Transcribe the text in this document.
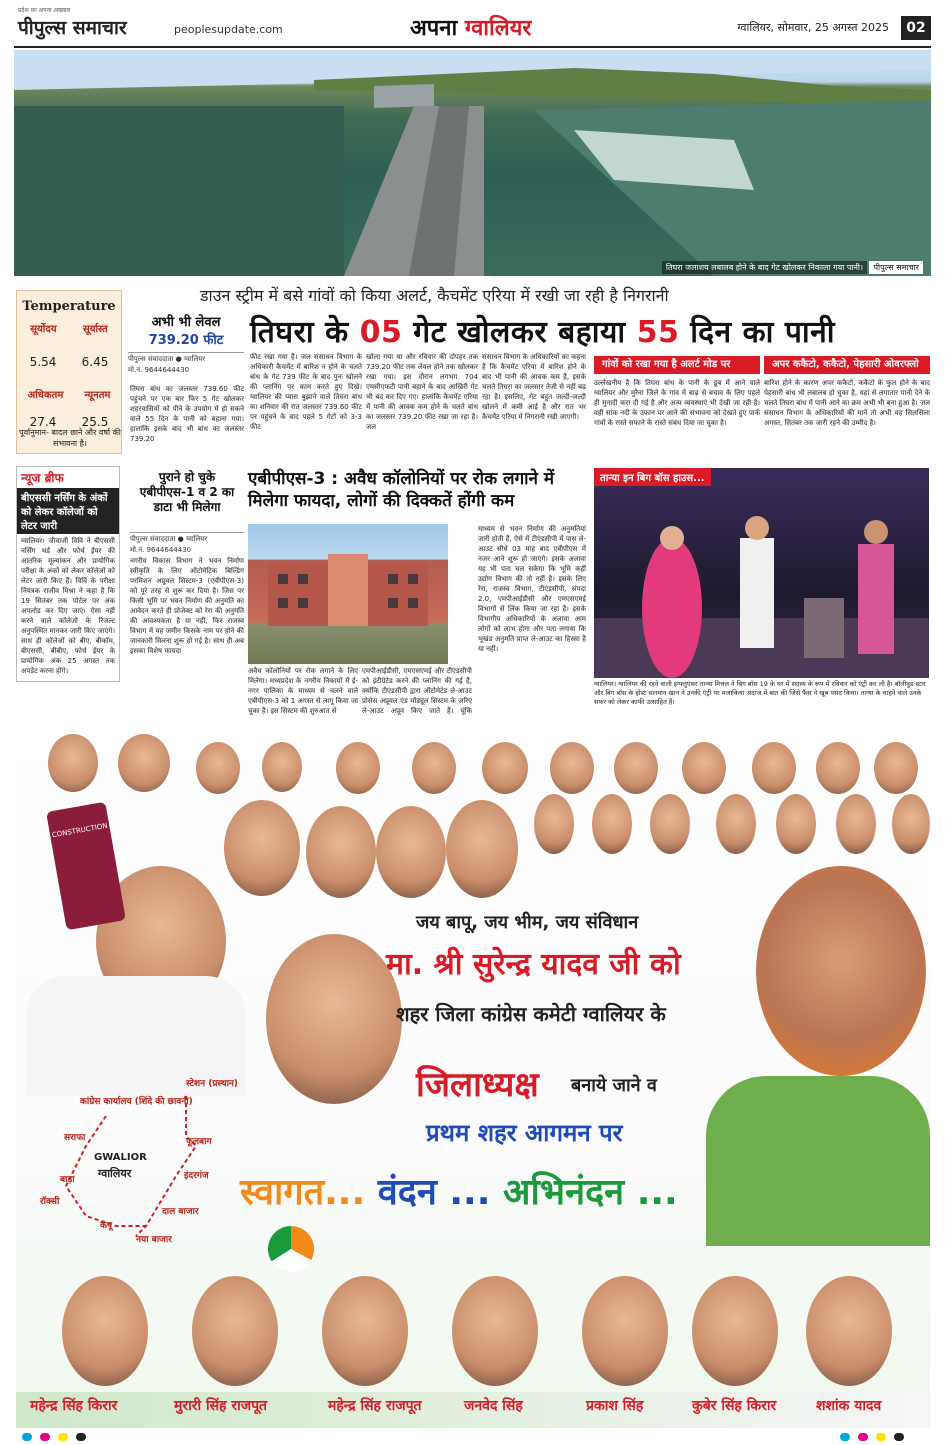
प्रदेश का अपना अखबार
पीपुल्स समाचार	peoplesupdate.com	अपना ग्वालियर	ग्वालियर, सोमवार, 25 अगस्त 2025	02
तिघरा जलाशय लबालब होने के बाद गेट खोलकर निकाला गया पानी।	पीपुल्स समाचार
डाउन स्ट्रीम में बसे गांवों को किया अलर्ट, कैचमेंट एरिया में रखी जा रही है निगरानी
Temperature
सूर्योदय	सूर्यास्त
5.54 6.45
अधिकतम न्यूनतम
27.4 25.5
पूर्वानुमान- बादल छाने और वर्षा की संभावना है।
अभी भी लेवल
739.20 फीट
पीपुल्स संवाददाता ● ग्वालियर
मो.नं. 9644644430
तिघरा के 05 गेट खोलकर बहाया 55 दिन का पानी
तिघरा बांध का जलस्तर 739.60 फीट पहुंचने पर एक बार फिर 5 गेट खोलकर शहरवासियों को पीने के उपयोग में हो सकने वाले 55 दिन के पानी को बहाना गया। हालांकि इसके बाद भी बांध का जलस्तर 739.20
फीट रखा गया है। जल संसाधन विभाग के अधिकारी कैचमेंट में बारिश न होने के चलते बांध के गेट 739 फीट के बाद पुनः खोलने की प्लानिंग पर काम करते हुए दिखे। ग्वालियर की प्यास बुझाने वाले तिघरा बांध का शनिवार की रात जलस्तर 739.60 फीट पर पहुंचने के बाद पहले 5 गेटों को 3-3 फीट
खोला गया था और रविवार की दोपहर तक 739.20 फीट तक लेवल होने तक खोलकर रखा गया। इस दौरान लगभग 704 एमसीएफटी पानी बहाने के बाद आखिरी गेट भी बंद कर दिए गए। हालांकि कैचमेंट एरिया में पानी की आवक कम होने के चलते बांध का जलस्तर 739.20 फीट रखा जा रहा है। जल
संसाधन विभाग के अधिकारियों का कहना है कि कैचमेंट एरिया में बारिश होने के बाद भी पानी की आवक कम है, इसके चलते तिघरा का जलस्तर तेजी से नहीं बढ़ रहा है। इसलिए, गेट बहुत जल्दी-जल्दी खोलने में कमी आई है और रात भर कैचमेंट एरिया में निगरानी रखी जाएगी।
गांवों को रखा गया है अलर्ट मोड पर
उल्लेखनीय है कि तिघरा बांध के पानी के डूब में आने वाले ग्वालियर और मुरैना जिले के गांव में बाढ़ से बचाव के लिए पहले ही मुनादी करा दी गई है और अन्य व्यवस्थाएं भी देखी जा रही है। वहीं सांक नदी के उफान पर आने की संभावना को देखते हुए पार्क गांवों के रास्ते सफाने के रास्ते संबंध दिया जा चुका है।
अपर ककैटो, ककैटो, पेहसारी ओवरफ्लो
बारिश होने के कारण अपर ककैटो, ककैटो के फुल होने के बाद पेहसारी बांध भी लबालब हो चुका है, यहां से लगातार पानी देने के चलते तिघरा बांध में पानी आने का क्रम अभी भी बना हुआ है। जल संसाधन विभाग के अधिकारियों की मानें तो अभी यह सिलसिला अगस्त, सितंबर तक जारी रहने की उम्मीद है।
न्यूज ब्रीफ
बीएससी नर्सिंग के अंकों को लेकर कॉलेजों को लेटर जारी
ग्वालियर। जीवाजी विवि ने बीएससी नर्सिंग थर्ड और फोर्थ ईयर की आंतरिक मूल्यांकन और प्रायोगिक परीक्षा के अंकों को लेकर कॉलेजों को लेटर जारी किए हैं। विवि के परीक्षा नियंत्रक राजीव मिश्रा ने कहा है कि 19 सितंबर तक पोर्टल पर अंक अपलोड कर दिए जाएं। ऐसा नहीं करने वाले कॉलेजों के रिजल्ट अनुपस्थित मानकर जारी किए जाएंगे। साथ ही कॉलेजों को बीए, बीकॉम, बीएससी, बीबीए, फोर्थ ईयर के प्रायोगिक अंक 25 अगस्त तक अपडेट करना होंगे।
पुराने हो चुके एबीपीएस-1 व 2 का डाटा भी मिलेगा
पीपुल्स संवाददाता ● ग्वालियर
मो.नं. 9644644430
नगरीय विकास विभाग ने भवन निर्माण स्वीकृति के लिए ऑटोमेटिक बिल्डिंग परमिशन अप्रूवल सिस्टम-3 (एबीपीएस-3) को पूरे तरह से शुरू कर दिया है। जिस पर किसी भूमि पर भवन निर्माण की अनुमति का आवेदन करते ही प्रोजेक्ट को रेरा की अनुमति की आवश्यकता है या नहीं, फिर राजस्व विभाग में यह जमीन किसके नाम पर होने की जानकारी मिलना शुरू हो गई है। साथ ही अब इसका विशेष फायदा
एबीपीएस-3 : अवैध कॉलोनियों पर रोक लगाने में मिलेगा फायदा, लोगों की दिक्कतें होंगी कम
अवैध कॉलोनियों पर रोक लगाने के लिए मिलेगा। मध्यप्रदेश के नगरीय निकायों में ई-नगर पालिका के माध्यम से चलने वाले एबीपीएस-3 को 1 अगस्त से लागू किया जा चुका है। इस सिस्टम की शुरुआत से
एमपीआईडीसी, एमएसएमई और टीएंडसीपी को इंटीग्रेटेड करने की प्लानिंग की गई है, क्योंकि टीएंडसीपी द्वारा ऑटोमेटेड ले-आउट प्रोसेस अप्रूवल एंड मॉड्यूल सिस्टम के जरिए ले-आउट अप्रूव किए जाते हैं। चूंकि
माध्यम से भवन निर्माण की अनुमतियां जारी होती हैं, ऐसे में टीएंडसीपी में पास ले-आउट सीधे 03 माह बाद एबीपीएस में नजर आने शुरू हो जाएंगे। इसके अलावा यह भी पता चल सकेगा कि भूमि कहीं उद्योग विभाग की तो नहीं है। इसके लिए रेरा, राजस्व विभाग, टीएंडसीपी, संपदा 2.0, एमपीआईडीसी और एमएसएमई विभागों से लिंक किया जा रहा है। इसके विभागीय अधिकारियों के अलावा आम लोगों को लाभ होगा और पता लगाया कि भूखंड अनुमति प्राप्त ले-आउट का हिस्सा है या नहीं।
तान्या इन बिग बॉस हाउस...
ग्वालियर। ग्वालियर की रहने वाली इन्फ्लुएंसर तान्या मित्तल ने बिग बॉस 19 के घर में सदस्य के रूप में रविवार को एंट्री कर ली है। बॉलीवुड स्टार और बिग बॉस के होस्ट सलमान खान ने उनकी एंट्री पर मजाकिया अंदाज में बात की जिसे फैंस ने खूब पसंद किया। तान्या के चाहने वाले उनके सफर को लेकर काफी उत्साहित हैं।
CONSTRUCTION
जय बापू, जय भीम, जय संविधान
मा. श्री सुरेन्द्र यादव जी को
शहर जिला कांग्रेस कमेटी ग्वालियर के
जिलाध्यक्ष बनाये जाने व
प्रथम शहर आगमन पर
स्वागत... वंदन ... अभिनंदन ...
स्टेशन (प्रस्थान)
कांग्रेस कार्यालय (शिंदे की छावनी)
फूलबाग
सराफा
इंदरगंज
बाड़ा
रॉक्सी
दाल बाजार
कंपू
नया बाजार
GWALIOR
ग्वालियर
महेन्द्र सिंह किरार	मुरारी सिंह राजपूत	महेन्द्र सिंह राजपूत	जनवेद सिंह	प्रकाश सिंह	कुबेर सिंह किरार	शशांक यादव
